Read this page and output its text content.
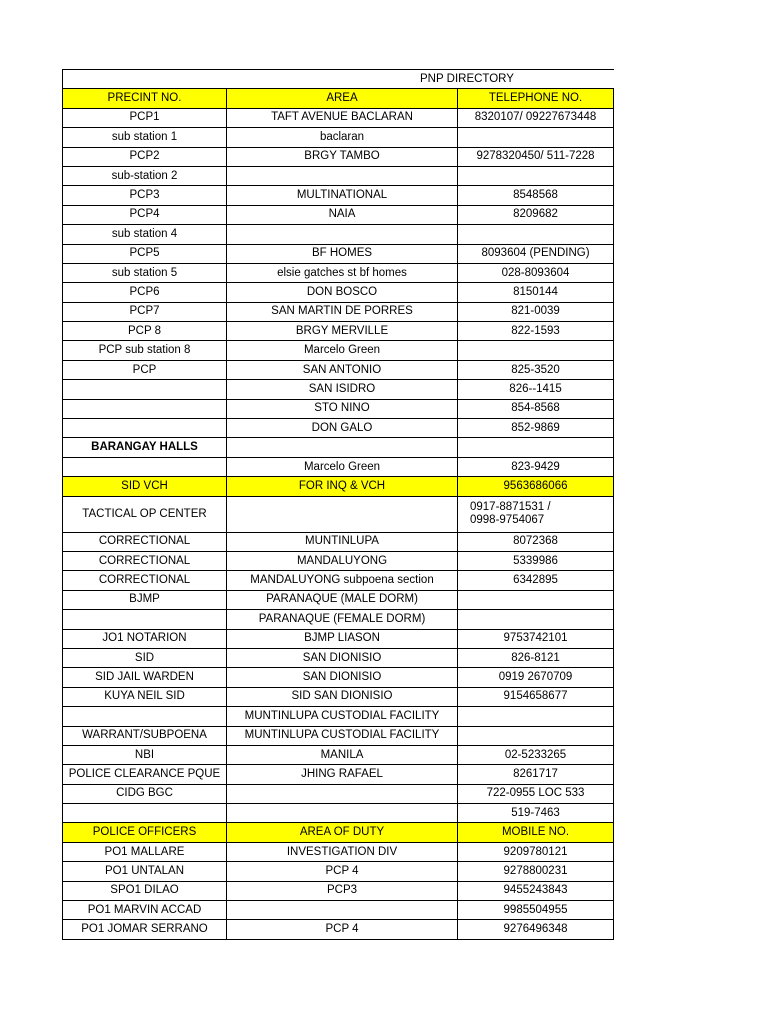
PNP DIRECTORY		
PRECINT NO.	AREA	TELEPHONE NO.
PCP1	TAFT AVENUE BACLARAN	8320107/ 09227673448
sub station 1	baclaran	
PCP2	BRGY TAMBO	9278320450/ 511-7228
sub-station 2		
PCP3	MULTINATIONAL	8548568
PCP4	NAIA	8209682
sub station 4		
PCP5	BF HOMES	8093604 (PENDING)
sub station 5	elsie gatches st bf homes	028-8093604
PCP6	DON BOSCO	8150144
PCP7	SAN MARTIN DE PORRES	821-0039
PCP 8	BRGY MERVILLE	822-1593
PCP sub station 8	Marcelo Green	
PCP	SAN ANTONIO	825-3520
	SAN ISIDRO	826--1415
	STO NINO	854-8568
	DON GALO	852-9869
BARANGAY HALLS		
	Marcelo Green	823-9429
SID VCH	FOR INQ & VCH	9563686066
TACTICAL OP CENTER		0917-8871531 /
0998-9754067
CORRECTIONAL	MUNTINLUPA	8072368
CORRECTIONAL	MANDALUYONG	5339986
CORRECTIONAL	MANDALUYONG subpoena section	6342895
BJMP	PARANAQUE (MALE DORM)	
	PARANAQUE (FEMALE DORM)	
JO1 NOTARION	BJMP LIASON	9753742101
SID	SAN DIONISIO	826-8121
SID JAIL WARDEN	SAN DIONISIO	0919 2670709
KUYA NEIL SID	SID SAN DIONISIO	9154658677
	MUNTINLUPA CUSTODIAL FACILITY	
WARRANT/SUBPOENA	MUNTINLUPA CUSTODIAL FACILITY	
NBI	MANILA	02-5233265
POLICE CLEARANCE PQUE	JHING RAFAEL	8261717
CIDG BGC		722-0955 LOC 533
		519-7463
POLICE OFFICERS	AREA OF DUTY	MOBILE NO.
PO1 MALLARE	INVESTIGATION DIV	9209780121
PO1 UNTALAN	PCP 4	9278800231
SPO1 DILAO	PCP3	9455243843
PO1 MARVIN ACCAD		9985504955
PO1 JOMAR SERRANO	PCP 4	9276496348
